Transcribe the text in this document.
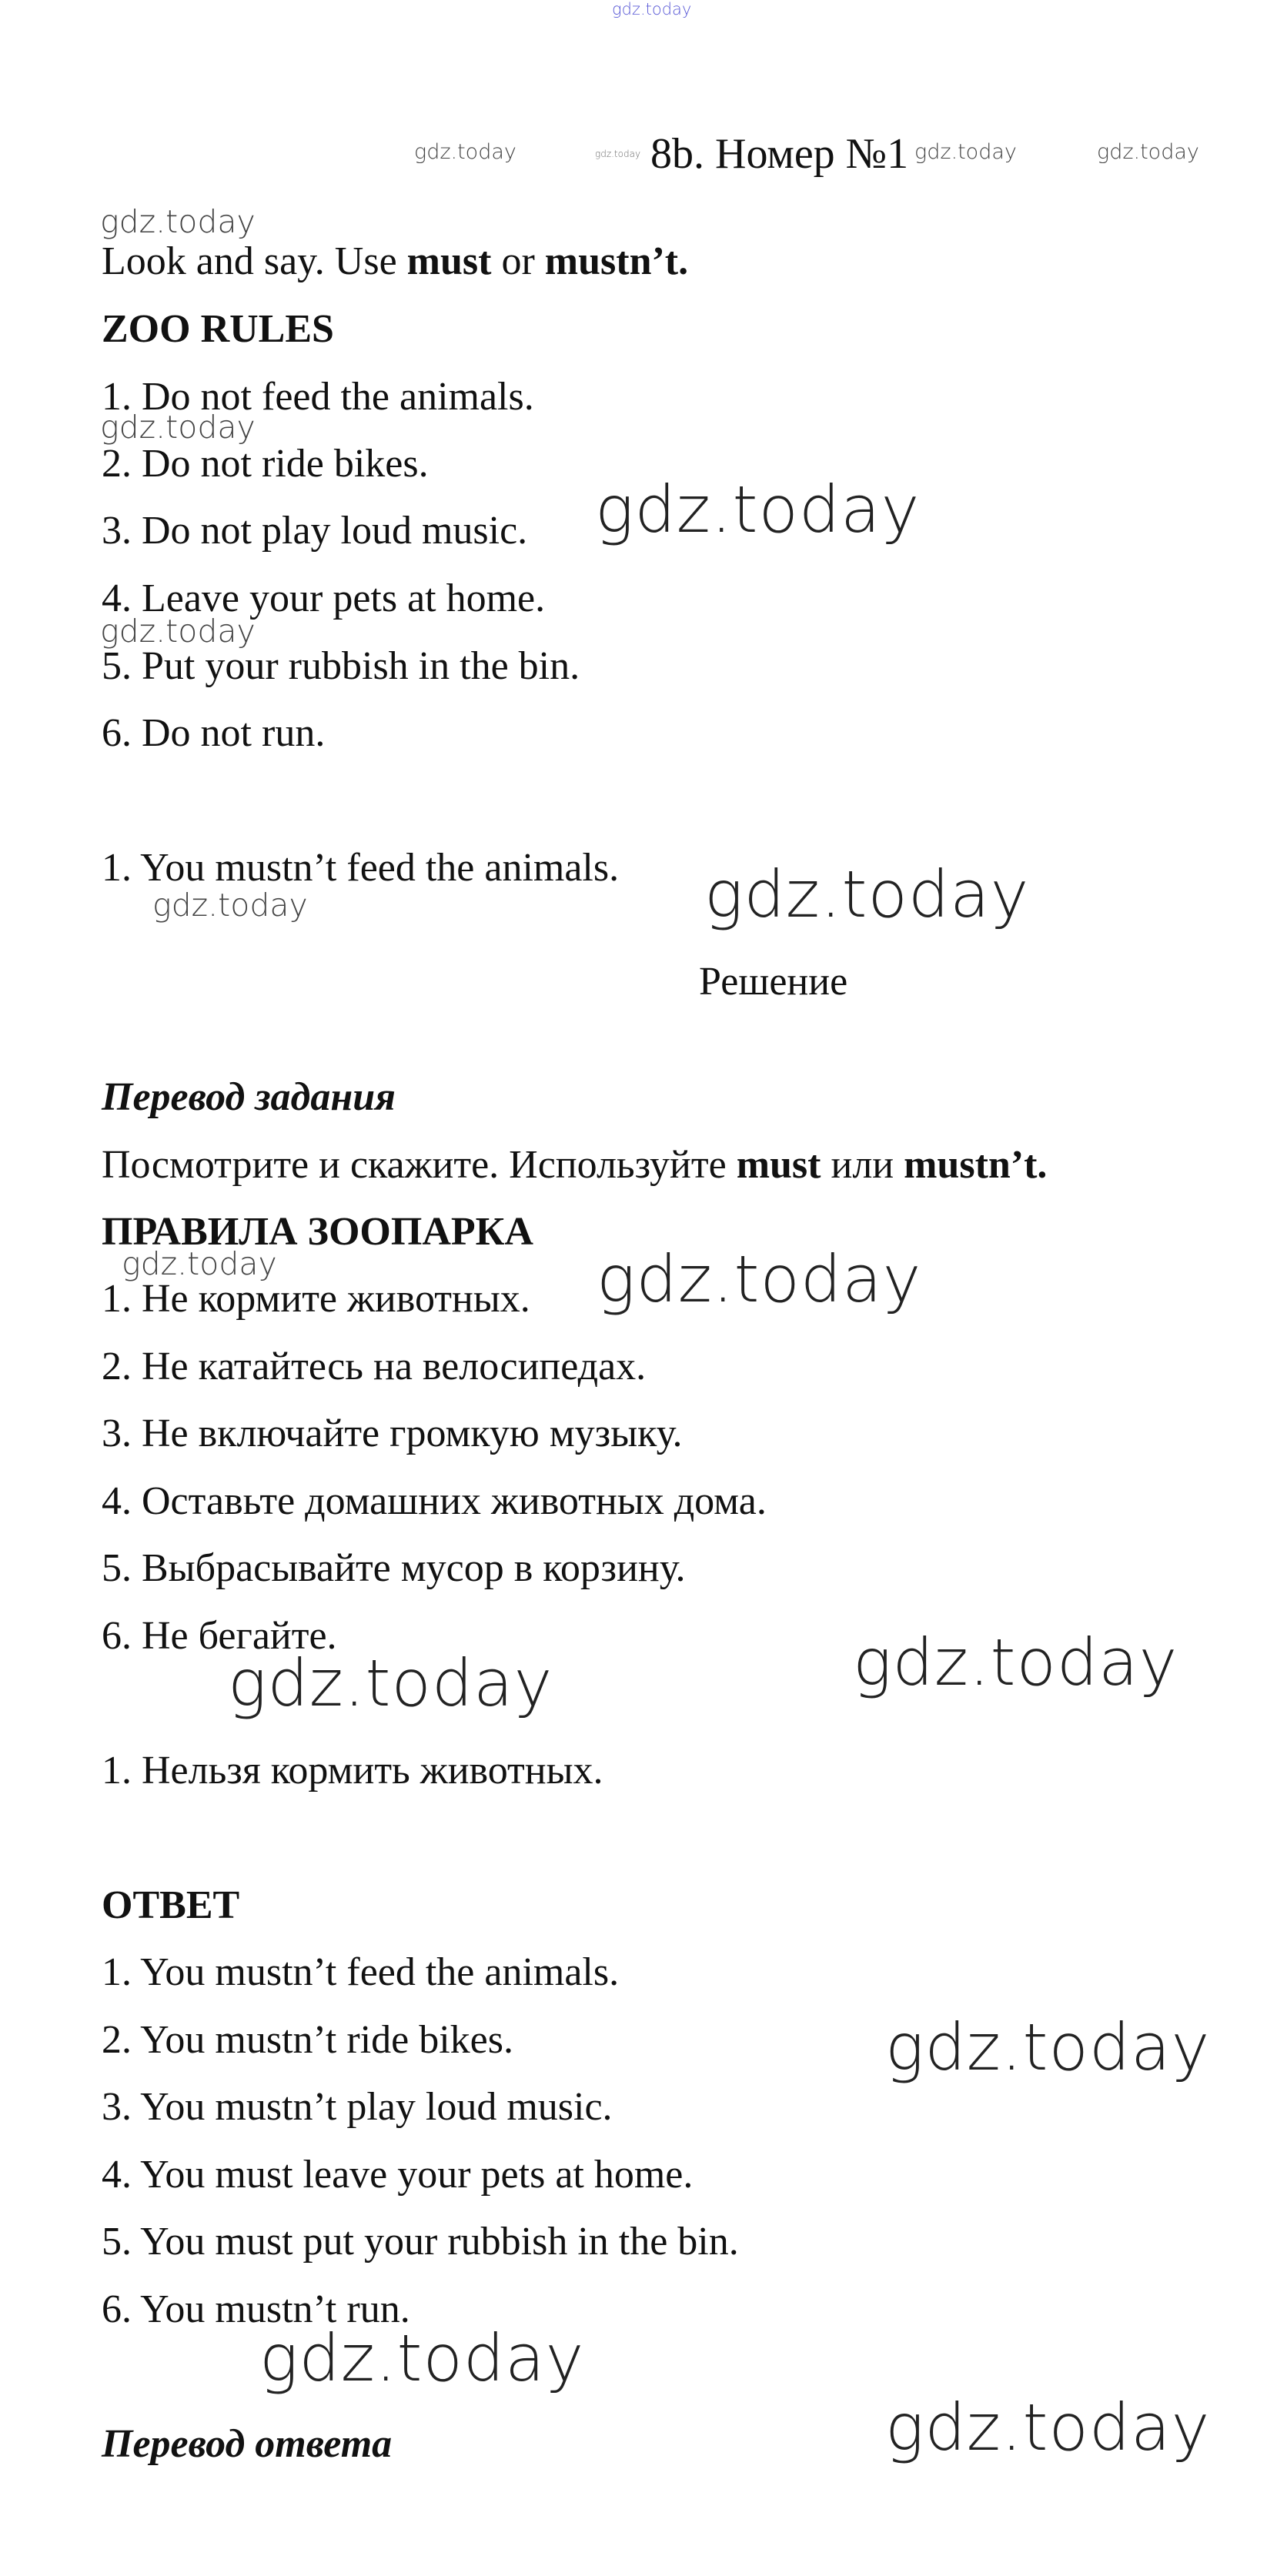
gdz.today
gdz.today	gdz.today	gdz.today	gdz.today
gdz.today
gdz.today
gdz.today
gdz.today
gdz.today	gdz.today
gdz.today	gdz.today
gdz.today
gdz.today
gdz.today
gdz.today
gdz.today
8b. Номер №1
Look and say. Use must or mustn’t.
ZOO RULES
1. Do not feed the animals.
2. Do not ride bikes.
3. Do not play loud music.
4. Leave your pets at home.
5. Put your rubbish in the bin.
6. Do not run.
1. You mustn’t feed the animals.
Решение
Перевод задания
Посмотрите и скажите. Используйте must или mustn’t.
ПРАВИЛА ЗООПАРКА
1. Не кормите животных.
2. Не катайтесь на велосипедах.
3. Не включайте громкую музыку.
4. Оставьте домашних животных дома.
5. Выбрасывайте мусор в корзину.
6. Не бегайте.
1. Нельзя кормить животных.
ОТВЕТ
1. You mustn’t feed the animals.
2. You mustn’t ride bikes.
3. You mustn’t play loud music.
4. You must leave your pets at home.
5. You must put your rubbish in the bin.
6. You mustn’t run.
Перевод ответа
